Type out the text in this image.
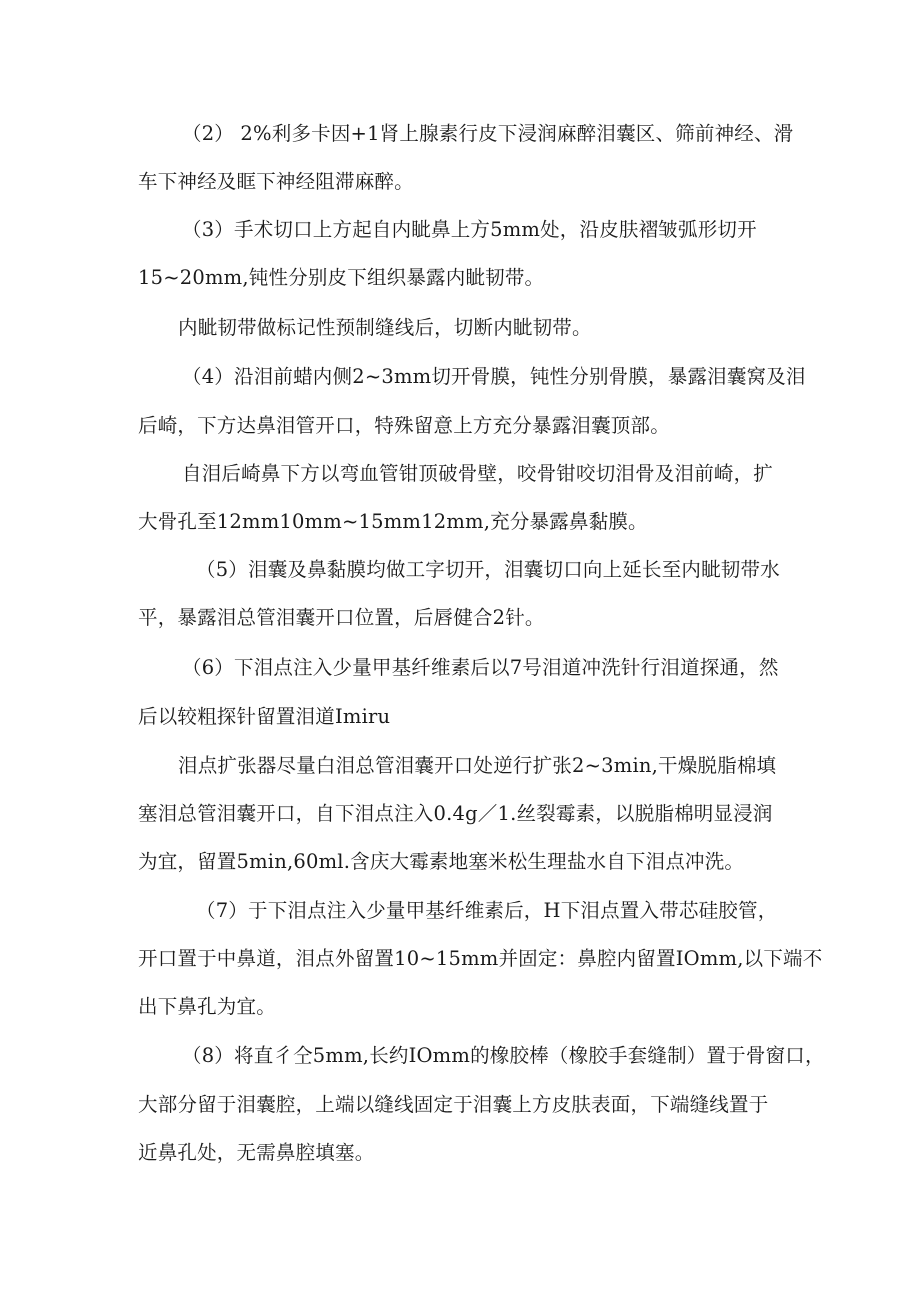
（2） 2%利多卡因+1肾上腺素行皮下浸润麻醉泪囊区、筛前神经、滑
车下神经及眶下神经阻滞麻醉。
（3）手术切口上方起自内眦鼻上方5mm处，沿皮肤褶皱弧形切开
15~20mm,钝性分别皮下组织暴露内眦韧带。
内眦韧带做标记性预制缝线后，切断内眦韧带。
（4）沿泪前蜡内侧2~3mm切开骨膜，钝性分别骨膜，暴露泪囊窝及泪
后崎，下方达鼻泪管开口，特殊留意上方充分暴露泪囊顶部。
自泪后崎鼻下方以弯血管钳顶破骨壁，咬骨钳咬切泪骨及泪前崎，扩
大骨孔至12mm10mm~15mm12mm,充分暴露鼻黏膜。
（5）泪囊及鼻黏膜均做工字切开，泪囊切口向上延长至内眦韧带水
平，暴露泪总管泪囊开口位置，后唇健合2针。
（6）下泪点注入少量甲基纤维素后以7号泪道冲洗针行泪道探通，然
后以较粗探针留置泪道Imiru
泪点扩张器尽量白泪总管泪囊开口处逆行扩张2~3min,干燥脱脂棉填
塞泪总管泪囊开口，自下泪点注入0.4g／1.丝裂霉素，以脱脂棉明显浸润
为宜，留置5min,60ml.含庆大霉素地塞米松生理盐水自下泪点冲洗。
（7）于下泪点注入少量甲基纤维素后，H下泪点置入带芯硅胶管，
开口置于中鼻道，泪点外留置10~15mm并固定：鼻腔内留置IOmm,以下端不
出下鼻孔为宜。
（8）将直彳仝5mm,长约IOmm的橡胶棒（橡胶手套缝制）置于骨窗口，
大部分留于泪囊腔，上端以缝线固定于泪囊上方皮肤表面，下端缝线置于
近鼻孔处，无需鼻腔填塞。
